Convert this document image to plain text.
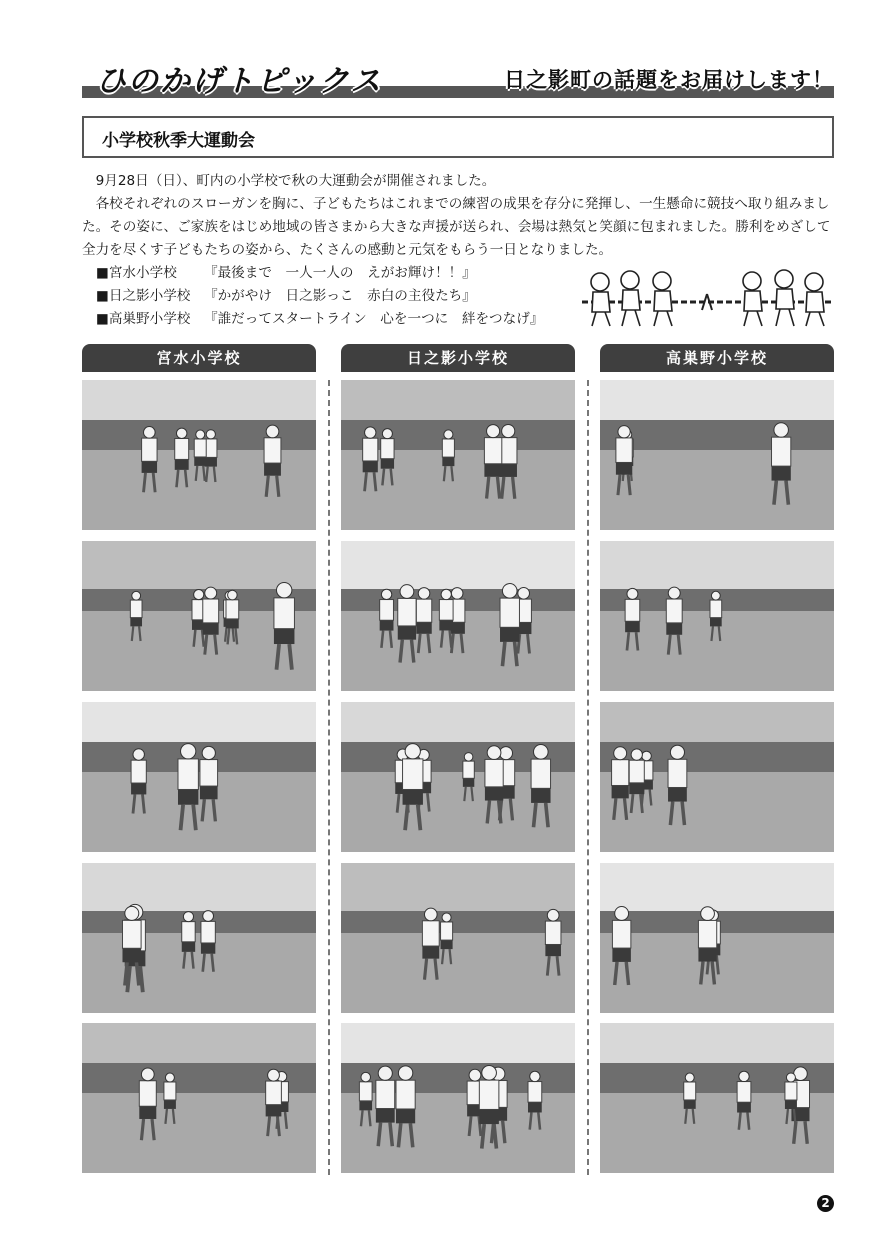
ひのかげトピックス	日之影町の話題をお届けします！
小学校秋季大運動会

9月28日（日）、町内の小学校で秋の大運動会が開催されました。

各校それぞれのスローガンを胸に、子どもたちはこれまでの練習の成果を存分に発揮し、一生懸命に競技へ取り組みました。その姿に、ご家族をはじめ地域の皆さまから大きな声援が送られ、会場は熱気と笑顔に包まれました。勝利をめざして全力を尽くす子どもたちの姿から、たくさんの感動と元気をもらう一日となりました。

■宮水小学校 『最後まで　一人一人の　えがお輝け！！』
■日之影小学校 『かがやけ　日之影っこ　赤白の主役たち』
■高巣野小学校 『誰だってスタートライン　心を一つに　絆をつなげ』
宮水小学校	日之影小学校	高巣野小学校
2
